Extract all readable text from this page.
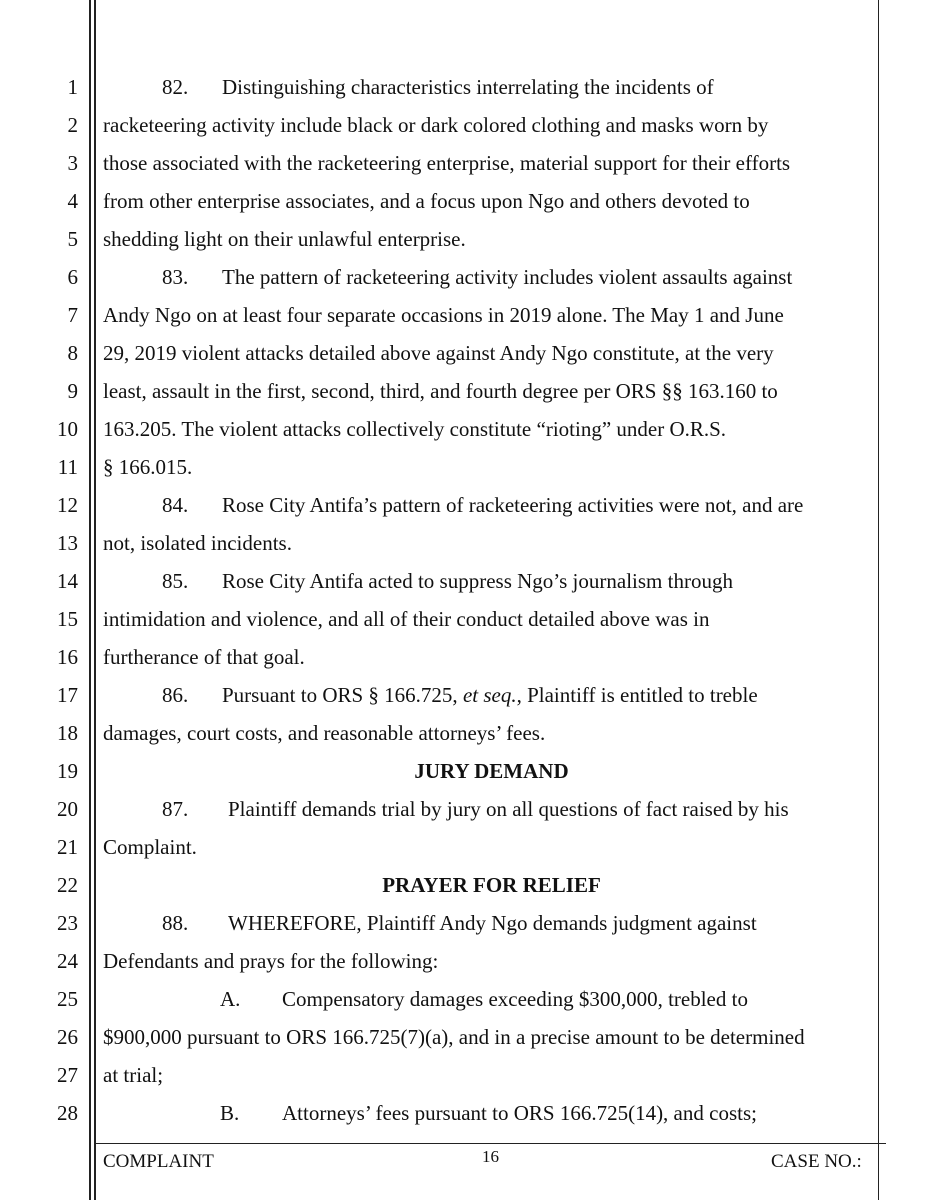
1
2
3
4
5
6
7
8
9
10
11
12
13
14
15
16
17
18
19
20
21
22
23
24
25
26
27
28
82. Distinguishing characteristics interrelating the incidents of
racketeering activity include black or dark colored clothing and masks worn by
those associated with the racketeering enterprise, material support for their efforts
from other enterprise associates, and a focus upon Ngo and others devoted to
shedding light on their unlawful enterprise.
83. The pattern of racketeering activity includes violent assaults against
Andy Ngo on at least four separate occasions in 2019 alone. The May 1 and June
29, 2019 violent attacks detailed above against Andy Ngo constitute, at the very
least, assault in the first, second, third, and fourth degree per ORS §§ 163.160 to
163.205. The violent attacks collectively constitute “rioting” under O.R.S.
§ 166.015.
84. Rose City Antifa’s pattern of racketeering activities were not, and are
not, isolated incidents.
85. Rose City Antifa acted to suppress Ngo’s journalism through
intimidation and violence, and all of their conduct detailed above was in
furtherance of that goal.
86. Pursuant to ORS § 166.725, et seq., Plaintiff is entitled to treble
damages, court costs, and reasonable attorneys’ fees.
JURY DEMAND
87. Plaintiff demands trial by jury on all questions of fact raised by his
Complaint.
PRAYER FOR RELIEF
88. WHEREFORE, Plaintiff Andy Ngo demands judgment against
Defendants and prays for the following:
A. Compensatory damages exceeding $300,000, trebled to
$900,000 pursuant to ORS 166.725(7)(a), and in a precise amount to be determined
at trial;
B. Attorneys’ fees pursuant to ORS 166.725(14), and costs;
COMPLAINT	16	CASE NO.:
